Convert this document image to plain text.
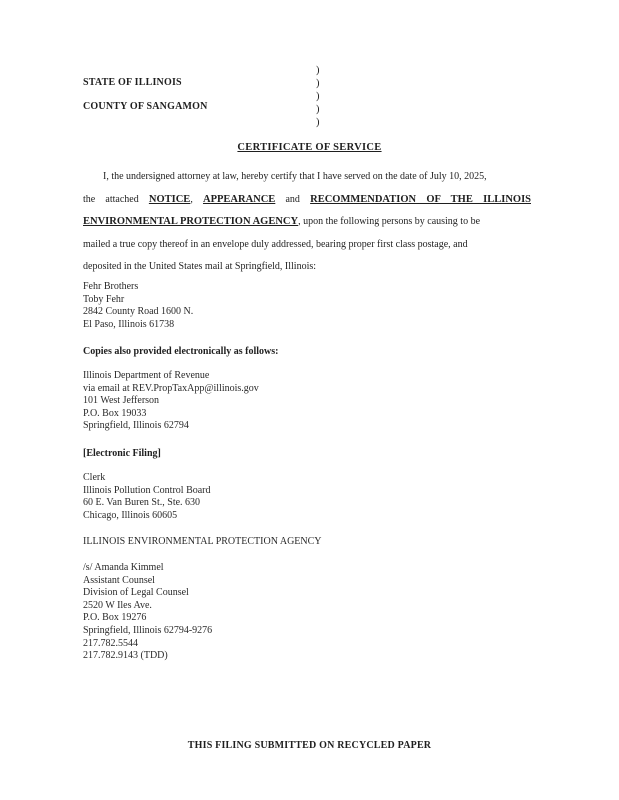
STATE OF ILLINOIS
COUNTY OF SANGAMON
)
)
)
)
)
CERTIFICATE OF SERVICE
I, the undersigned attorney at law, hereby certify that I have served on the date of July 10, 2025,
the attached NOTICE, APPEARANCE and RECOMMENDATION OF THE ILLINOIS
ENVIRONMENTAL PROTECTION AGENCY, upon the following persons by causing to be
mailed a true copy thereof in an envelope duly addressed, bearing proper first class postage, and
deposited in the United States mail at Springfield, Illinois:
Fehr Brothers
Toby Fehr
2842 County Road 1600 N.
El Paso, Illinois 61738
Copies also provided electronically as follows:
Illinois Department of Revenue
via email at REV.PropTaxApp@illinois.gov
101 West Jefferson
P.O. Box 19033
Springfield, Illinois 62794
[Electronic Filing]
Clerk
Illinois Pollution Control Board
60 E. Van Buren St., Ste. 630
Chicago, Illinois 60605
ILLINOIS ENVIRONMENTAL PROTECTION AGENCY
/s/ Amanda Kimmel
Assistant Counsel
Division of Legal Counsel
2520 W Iles Ave.
P.O. Box 19276
Springfield, Illinois 62794-9276
217.782.5544
217.782.9143 (TDD)
THIS FILING SUBMITTED ON RECYCLED PAPER
